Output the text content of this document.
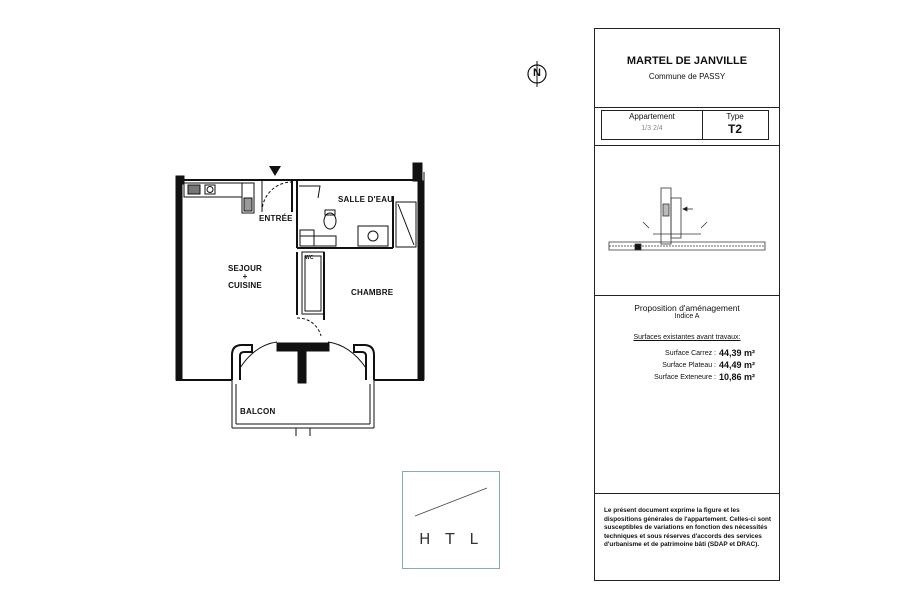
ENTRÉE
SALLE D'EAU
SEJOUR
+
CUISINE
CHAMBRE
BALCON
WC
N
HTL
MARTEL DE JANVILLE
Commune de PASSY
Appartement
1/3 2/4
Type
T2
Proposition d'aménagement
Indice A
Surfaces existantes avant travaux:
Surface Carrez : 44,39 m²
Surface Plateau : 44,49 m²
Surface Exteneure : 10,86 m²
Le présent document exprime la figure et les dispositions générales de l'appartement. Celles-ci sont susceptibles de variations en fonction des nécessités techniques et sous réserves d'accords des services d'urbanisme et de patrimoine bâti (SDAP et DRAC).
